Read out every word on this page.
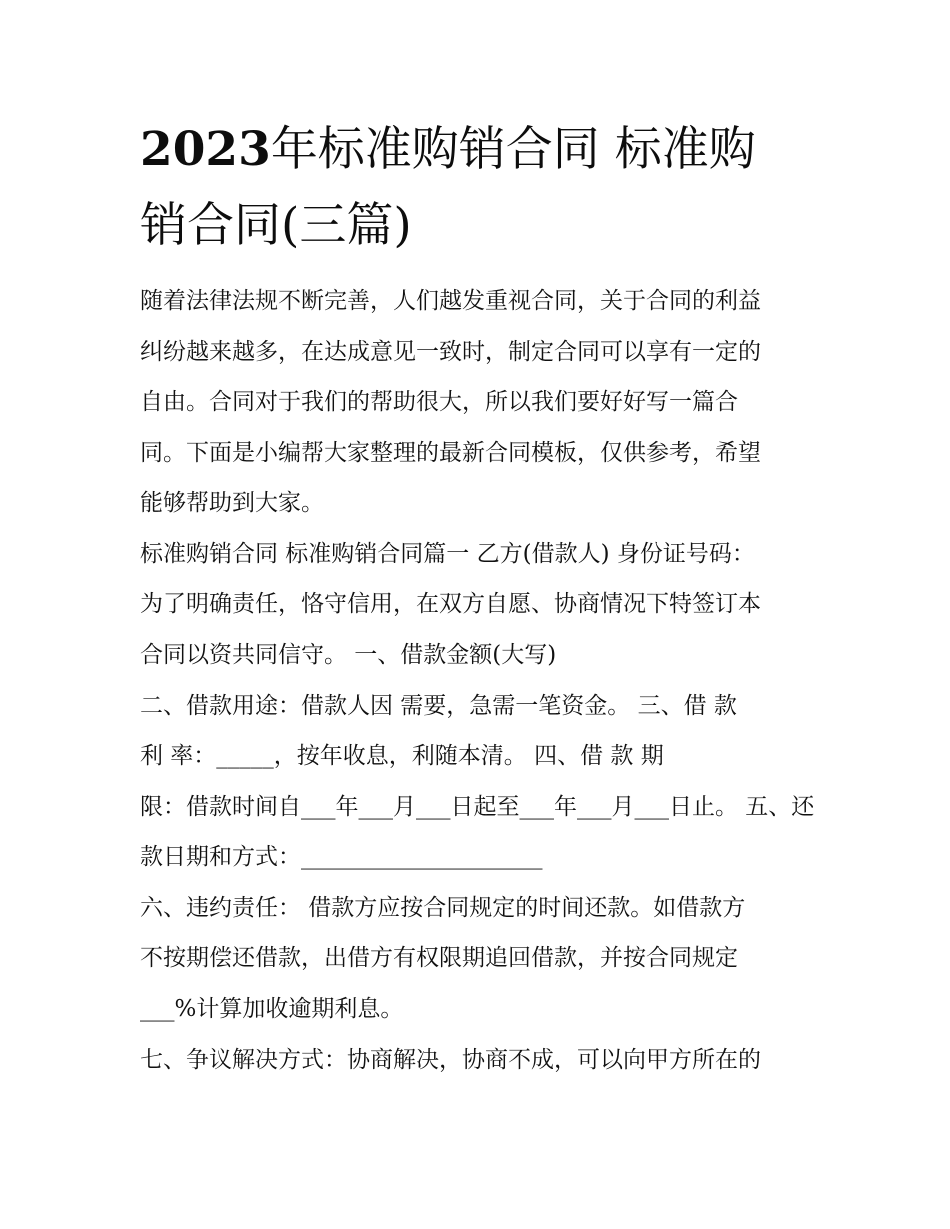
2023年标准购销合同 标准购
销合同(三篇)

随着法律法规不断完善，人们越发重视合同，关于合同的利益

纠纷越来越多，在达成意见一致时，制定合同可以享有一定的

自由。合同对于我们的帮助很大，所以我们要好好写一篇合

同。下面是小编帮大家整理的最新合同模板，仅供参考，希望

能够帮助到大家。

标准购销合同 标准购销合同篇一 乙方(借款人) 身份证号码：

为了明确责任，恪守信用，在双方自愿、协商情况下特签订本

合同以资共同信守。 一、借款金额(大写)

二、借款用途：借款人因 需要，急需一笔资金。 三、借 款

利 率：_____，按年收息，利随本清。 四、借 款 期

限：借款时间自___年___月___日起至___年___月___日止。 五、还

款日期和方式：_____________________

六、违约责任： 借款方应按合同规定的时间还款。如借款方

不按期偿还借款，出借方有权限期追回借款，并按合同规定

___%计算加收逾期利息。

七、争议解决方式：协商解决，协商不成，可以向甲方所在的
